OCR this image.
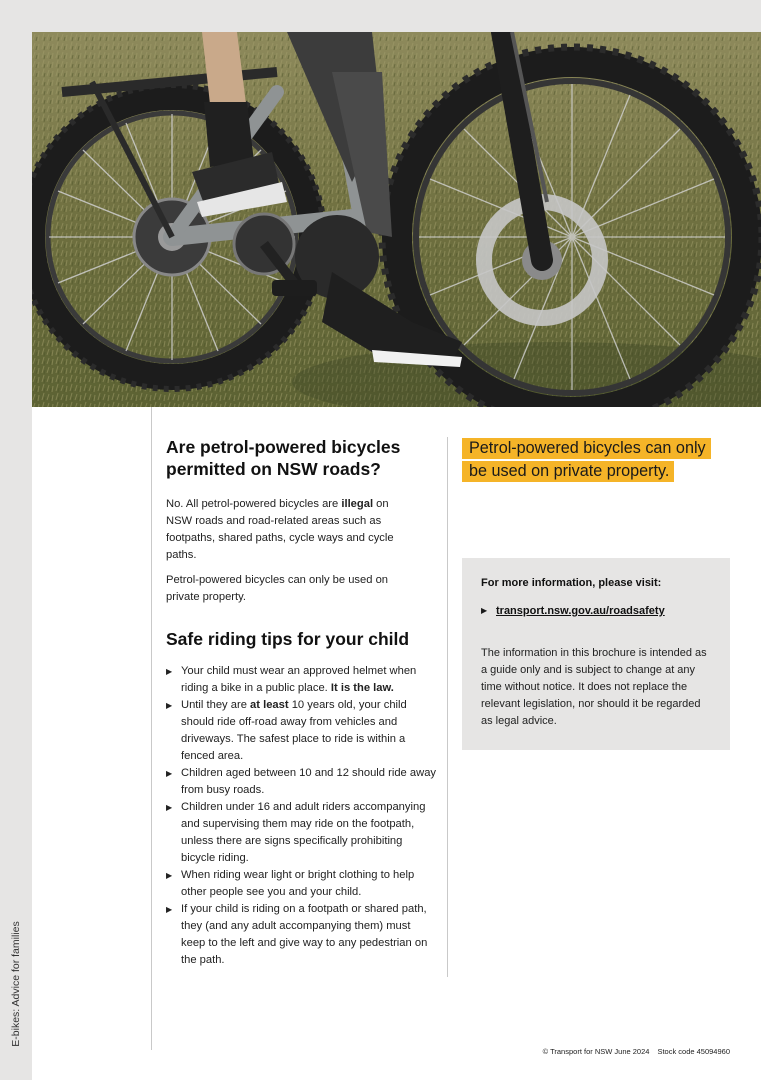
E-bikes: Advice for families
Are petrol-powered bicycles permitted on NSW roads?

No. All petrol-powered bicycles are illegal on NSW roads and road-related areas such as footpaths, shared paths, cycle ways and cycle paths.

Petrol-powered bicycles can only be used on private property.

Safe riding tips for your child
▶ Your child must wear an approved helmet when riding a bike in a public place. It is the law.
▶ Until they are at least 10 years old, your child should ride off-road away from vehicles and driveways. The safest place to ride is within a fenced area.
▶ Children aged between 10 and 12 should ride away from busy roads.
▶ Children under 16 and adult riders accompanying and supervising them may ride on the footpath, unless there are signs specifically prohibiting bicycle riding.
▶ When riding wear light or bright clothing to help other people see you and your child.
▶ If your child is riding on a footpath or shared path, they (and any adult accompanying them) must keep to the left and give way to any pedestrian on the path.
Petrol-powered bicycles can only
be used on private property.
For more information, please visit:
▶ transport.nsw.gov.au/roadsafety
The information in this brochure is intended as a guide only and is subject to change at any time without notice. It does not replace the relevant legislation, nor should it be regarded as legal advice.
© Transport for NSW June 2024 Stock code 45094960
